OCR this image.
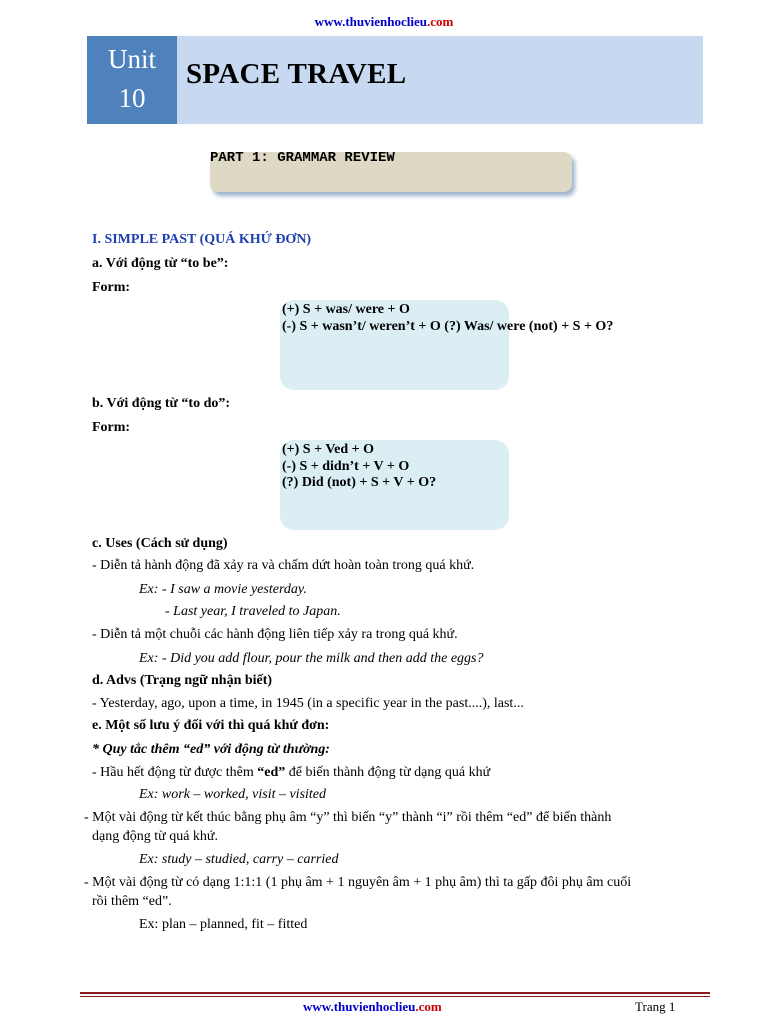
www.thuvienhoclieu.com
Unit
10
SPACE TRAVEL
PART 1: GRAMMAR REVIEW
I. SIMPLE PAST (QUÁ KHỨ ĐƠN)
a. Với động từ “to be”:
Form:
(+) S + was/ were + O
(-) S + wasn’t/ weren’t + O (?) Was/ were (not) + S + O?
b. Với động từ “to do”:
Form:
(+) S + Ved + O
(-) S + didn’t + V + O
(?) Did (not) + S + V + O?
c. Uses (Cách sử dụng)
- Diễn tả hành động đã xảy ra và chấm dứt hoàn toàn trong quá khứ.
Ex: - I saw a movie yesterday.
- Last year, I traveled to Japan.
- Diễn tả một chuỗi các hành động liên tiếp xảy ra trong quá khứ.
Ex: - Did you add flour, pour the milk and then add the eggs?
d. Advs (Trạng ngữ nhận biết)
- Yesterday, ago, upon a time, in 1945 (in a specific year in the past....), last...
e. Một số lưu ý đối với thì quá khứ đơn:
* Quy tắc thêm “ed” với động từ thường:
- Hầu hết động từ được thêm “ed” để biến thành động từ dạng quá khứ
Ex: work – worked, visit – visited
- Một vài động từ kết thúc bằng phụ âm “y” thì biến “y” thành “i” rồi thêm “ed” để biến thành
dạng động từ quá khứ.
Ex: study – studied, carry – carried
- Một vài động từ có dạng 1:1:1 (1 phụ âm + 1 nguyên âm + 1 phụ âm) thì ta gấp đôi phụ âm cuối
rồi thêm “ed”.
Ex: plan – planned, fit – fitted
www.thuvienhoclieu.com	Trang 1
